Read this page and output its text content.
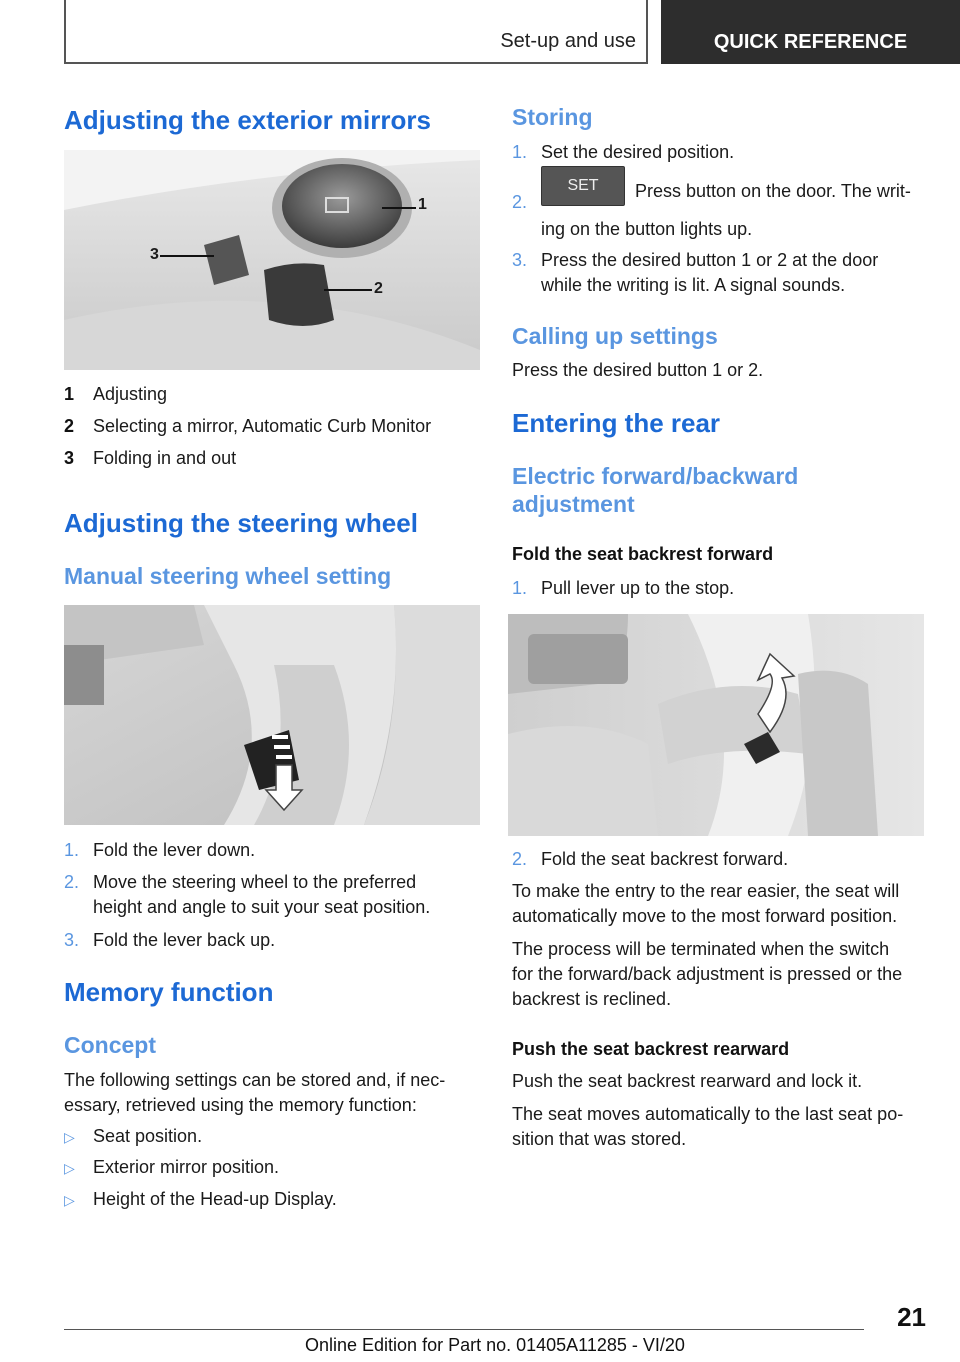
Set-up and use	QUICK REFERENCE
Adjusting the exterior mirrors
1
2
3
1 Adjusting
2 Selecting a mirror, Automatic Curb Monitor
3 Folding in and out
Adjusting the steering wheel
Manual steering wheel setting
1. Fold the lever down.
2. Move the steering wheel to the preferred
height and angle to suit your seat position.
3. Fold the lever back up.
Memory function
Concept
The following settings can be stored and, if nec-
essary, retrieved using the memory function:
▷ Seat position.
▷ Exterior mirror position.
▷ Height of the Head-up Display.
Storing
1. Set the desired position.
2.
SET Press button on the door. The writ-
ing on the button lights up.
3. Press the desired button 1 or 2 at the door
while the writing is lit. A signal sounds.
Calling up settings
Press the desired button 1 or 2.
Entering the rear
Electric forward/backward
adjustment
Fold the seat backrest forward
1. Pull lever up to the stop.
2. Fold the seat backrest forward.
To make the entry to the rear easier, the seat will
automatically move to the most forward position.
The process will be terminated when the switch
for the forward/back adjustment is pressed or the
backrest is reclined.
Push the seat backrest rearward
Push the seat backrest rearward and lock it.
The seat moves automatically to the last seat po-
sition that was stored.
21
Online Edition for Part no. 01405A11285 - VI/20
